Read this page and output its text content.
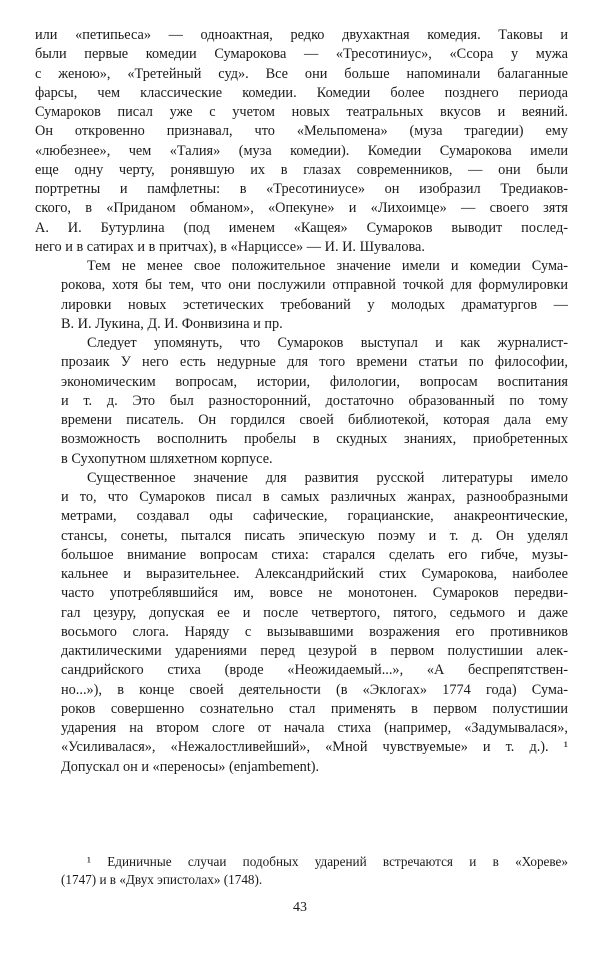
или «петипьеса» — одноактная, редко двухактная комедия. Таковы и
были первые комедии Сумарокова — «Тресотиниус», «Ссора у мужа
с женою», «Третейный суд». Все они больше напоминали балаганные
фарсы, чем классические комедии. Комедии более позднего периода
Сумароков писал уже с учетом новых театральных вкусов и веяний.
Он откровенно признавал, что «Мельпомена» (муза трагедии) ему
«любезнее», чем «Талия» (муза комедии). Комедии Сумарокова имели
еще одну черту, ронявшую их в глазах современников, — они были
портретны и памфлетны: в «Тресотиниусе» он изобразил Тредиаков-
ского, в «Приданом обманом», «Опекуне» и «Лихоимце» — своего зятя
А. И. Бутурлина (под именем «Кащея» Сумароков выводит послед-
него и в сатирах и в притчах), в «Нарциссе» — И. И. Шувалова.

Тем не менее свое положительное значение имели и комедии Сума-
рокова, хотя бы тем, что они послужили отправной точкой для формулировки
лировки новых эстетических требований у молодых драматургов —
В. И. Лукина, Д. И. Фонвизина и пр.

Следует упомянуть, что Сумароков выступал и как журналист-
прозаик У него есть недурные для того времени статьи по философии,
экономическим вопросам, истории, филологии, вопросам воспитания
и т. д. Это был разносторонний, достаточно образованный по тому
времени писатель. Он гордился своей библиотекой, которая дала ему
возможность восполнить пробелы в скудных знаниях, приобретенных
в Сухопутном шляхетном корпусе.

Существенное значение для развития русской литературы имело
и то, что Сумароков писал в самых различных жанрах, разнообразными
метрами, создавал оды сафические, горацианские, анакреонтические,
стансы, сонеты, пытался писать эпическую поэму и т. д. Он уделял
большое внимание вопросам стиха: старался сделать его гибче, музы-
кальнее и выразительнее. Александрийский стих Сумарокова, наиболее
часто употреблявшийся им, вовсе не монотонен. Сумароков передви-
гал цезуру, допуская ее и после четвертого, пятого, седьмого и даже
восьмого слога. Наряду с вызывавшими возражения его противников
дактилическими ударениями перед цезурой в первом полустишии алек-
сандрийского стиха (вроде «Неожидаемый...», «А беспрепятствен-
но...»), в конце своей деятельности (в «Эклогах» 1774 года) Сума-
роков совершенно сознательно стал применять в первом полустишии
ударения на втором слоге от начала стиха (например, «Задумывалася»,
«Усиливалася», «Нежалостливейший», «Мной чувствуемые» и т. д.). ¹
Допускал он и «переносы» (enjambement).

¹ Единичные случаи подобных ударений встречаются и в «Хореве»
(1747) и в «Двух эпистолах» (1748).

43
